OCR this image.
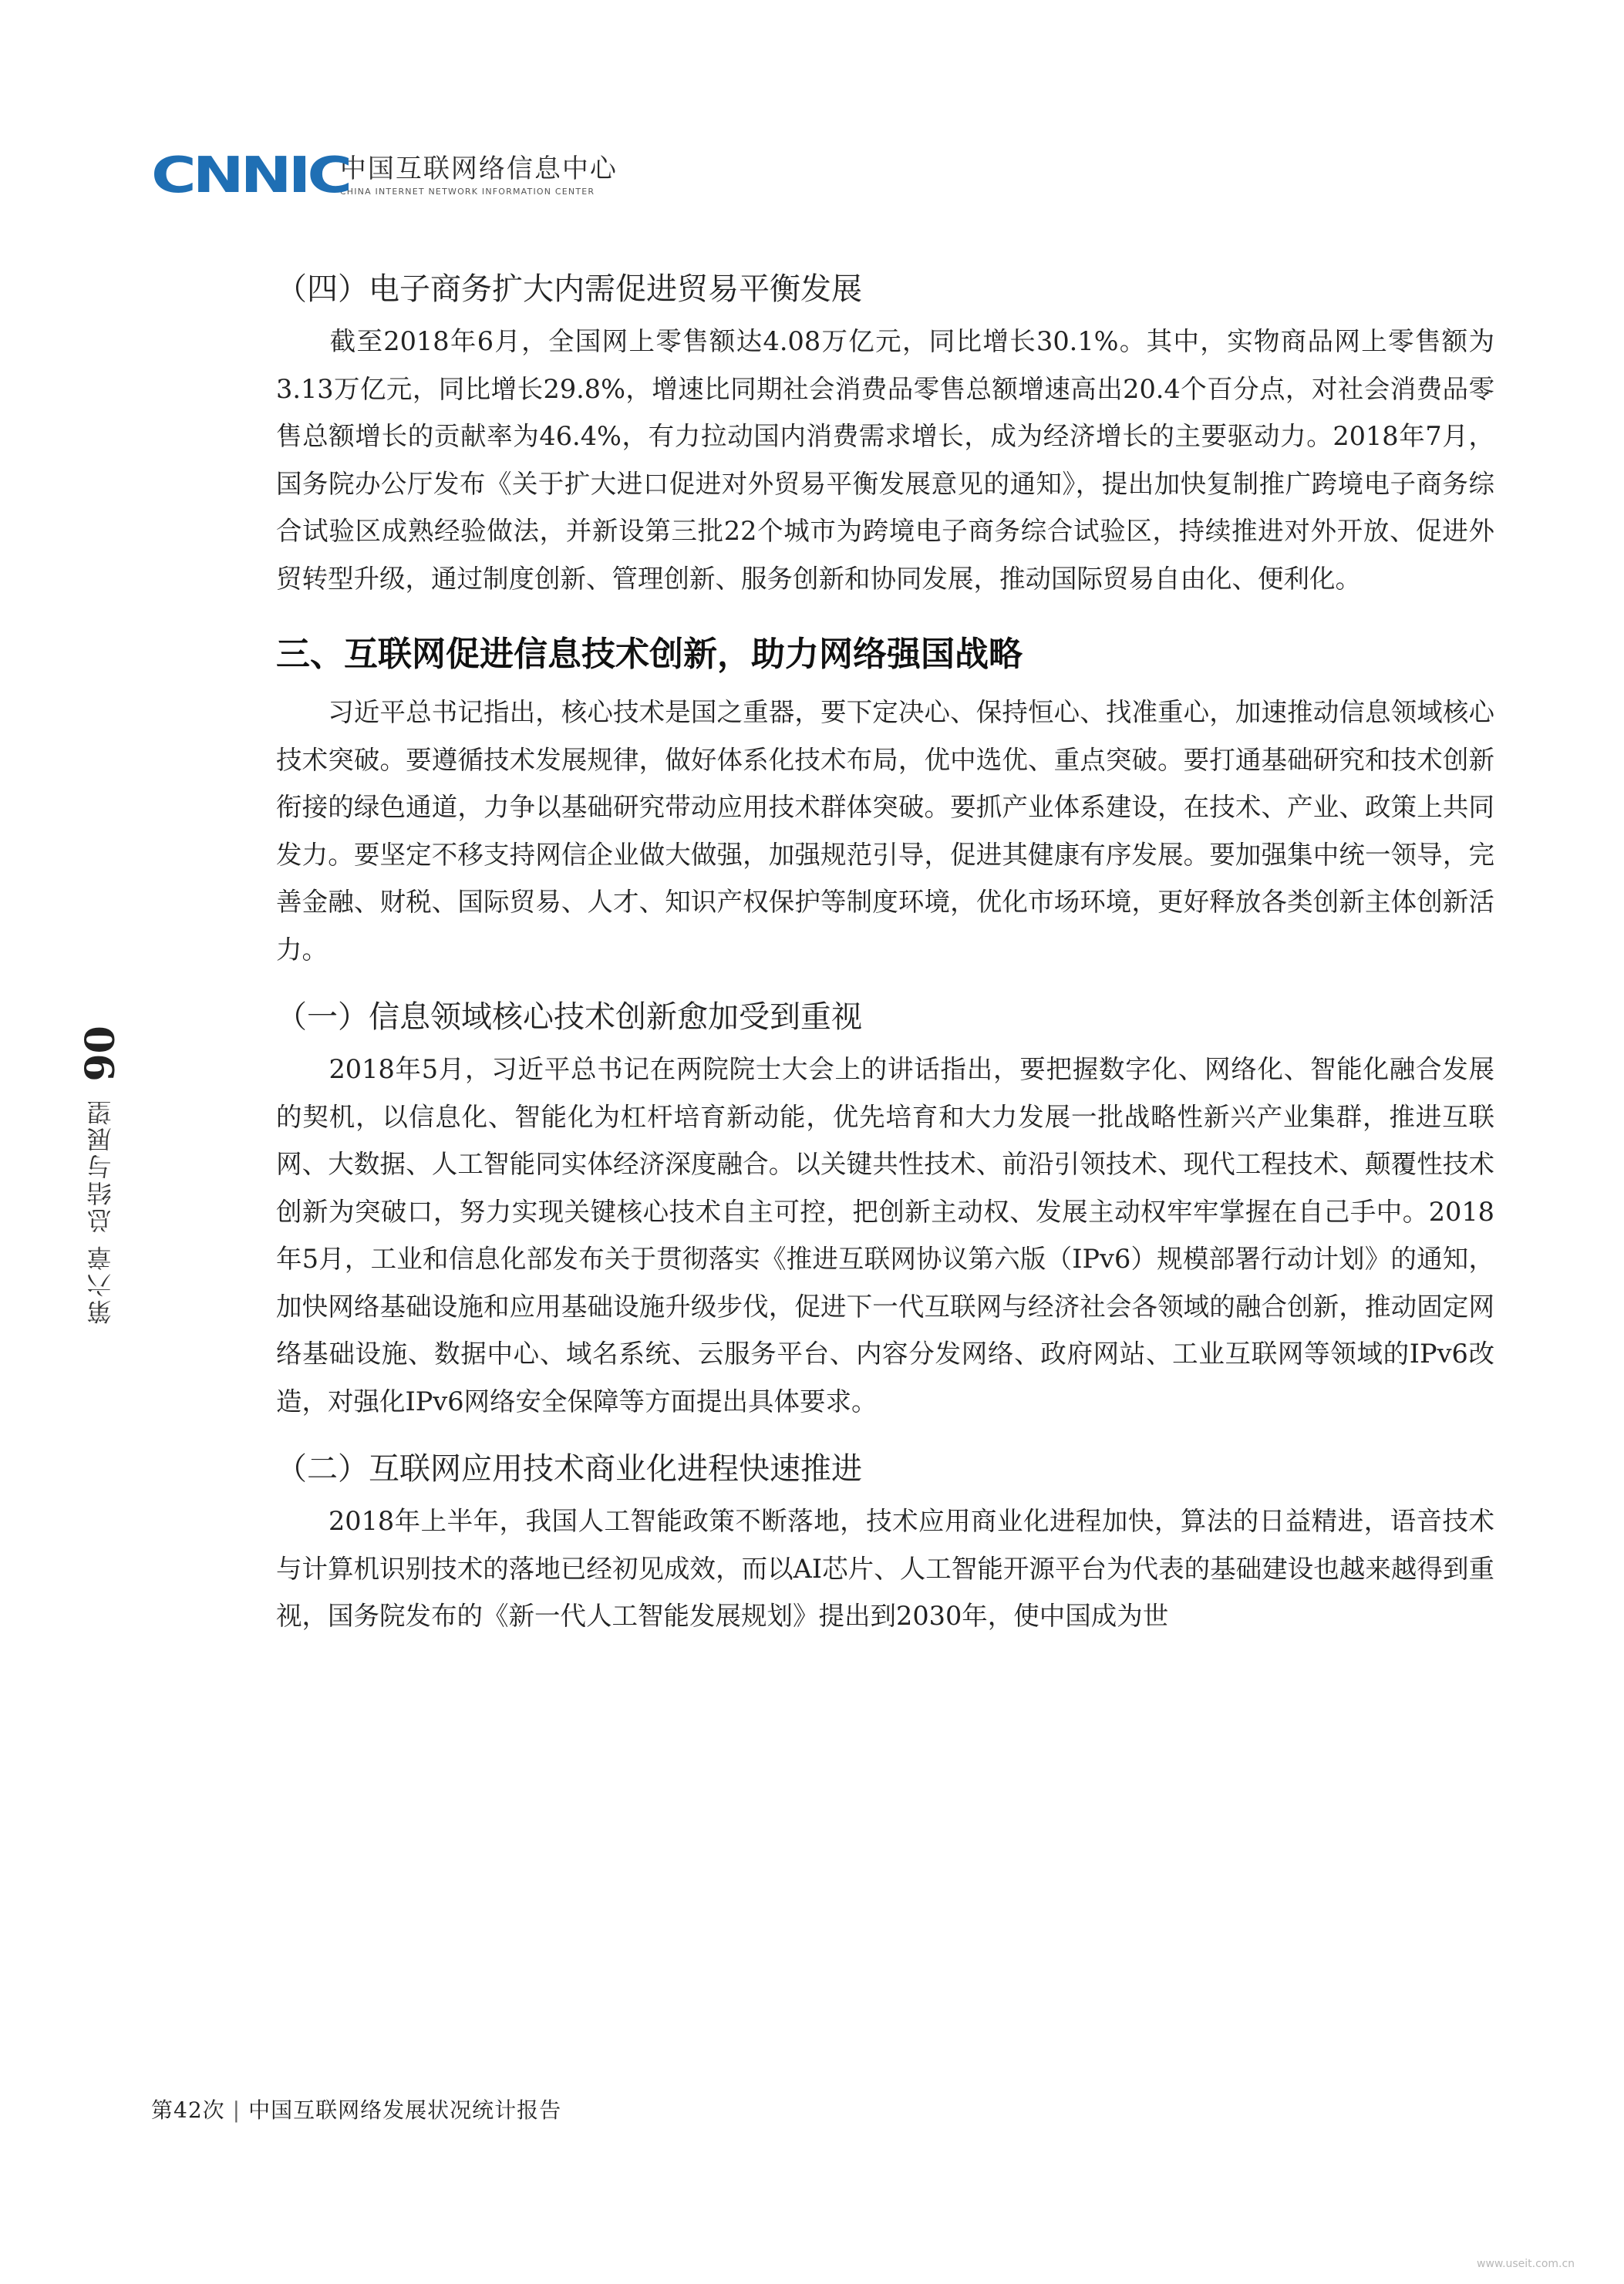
CNNIC
中国互联网络信息中心
CHINA INTERNET NETWORK INFORMATION CENTER
第六章 总结与展望
90
（四）电子商务扩大内需促进贸易平衡发展

　　截至2018年6月，全国网上零售额达4.08万亿元，同比增长30.1%。其中，实物商品网上零售额为3.13万亿元，同比增长29.8%，增速比同期社会消费品零售总额增速高出20.4个百分点，对社会消费品零售总额增长的贡献率为46.4%，有力拉动国内消费需求增长，成为经济增长的主要驱动力。2018年7月，国务院办公厅发布《关于扩大进口促进对外贸易平衡发展意见的通知》，提出加快复制推广跨境电子商务综合试验区成熟经验做法，并新设第三批22个城市为跨境电子商务综合试验区，持续推进对外开放、促进外贸转型升级，通过制度创新、管理创新、服务创新和协同发展，推动国际贸易自由化、便利化。

三、互联网促进信息技术创新，助力网络强国战略

　　习近平总书记指出，核心技术是国之重器，要下定决心、保持恒心、找准重心，加速推动信息领域核心技术突破。要遵循技术发展规律，做好体系化技术布局，优中选优、重点突破。要打通基础研究和技术创新衔接的绿色通道，力争以基础研究带动应用技术群体突破。要抓产业体系建设，在技术、产业、政策上共同发力。要坚定不移支持网信企业做大做强，加强规范引导，促进其健康有序发展。要加强集中统一领导，完善金融、财税、国际贸易、人才、知识产权保护等制度环境，优化市场环境，更好释放各类创新主体创新活力。

（一）信息领域核心技术创新愈加受到重视

　　2018年5月，习近平总书记在两院院士大会上的讲话指出，要把握数字化、网络化、智能化融合发展的契机，以信息化、智能化为杠杆培育新动能，优先培育和大力发展一批战略性新兴产业集群，推进互联网、大数据、人工智能同实体经济深度融合。以关键共性技术、前沿引领技术、现代工程技术、颠覆性技术创新为突破口，努力实现关键核心技术自主可控，把创新主动权、发展主动权牢牢掌握在自己手中。2018年5月，工业和信息化部发布关于贯彻落实《推进互联网协议第六版（IPv6）规模部署行动计划》的通知，加快网络基础设施和应用基础设施升级步伐，促进下一代互联网与经济社会各领域的融合创新，推动固定网络基础设施、数据中心、域名系统、云服务平台、内容分发网络、政府网站、工业互联网等领域的IPv6改造，对强化IPv6网络安全保障等方面提出具体要求。

（二）互联网应用技术商业化进程快速推进

　　2018年上半年，我国人工智能政策不断落地，技术应用商业化进程加快，算法的日益精进，语音技术与计算机识别技术的落地已经初见成效，而以AI芯片、人工智能开源平台为代表的基础建设也越来越得到重视，国务院发布的《新一代人工智能发展规划》提出到2030年，使中国成为世

第42次 | 中国互联网络发展状况统计报告
www.useit.com.cn
